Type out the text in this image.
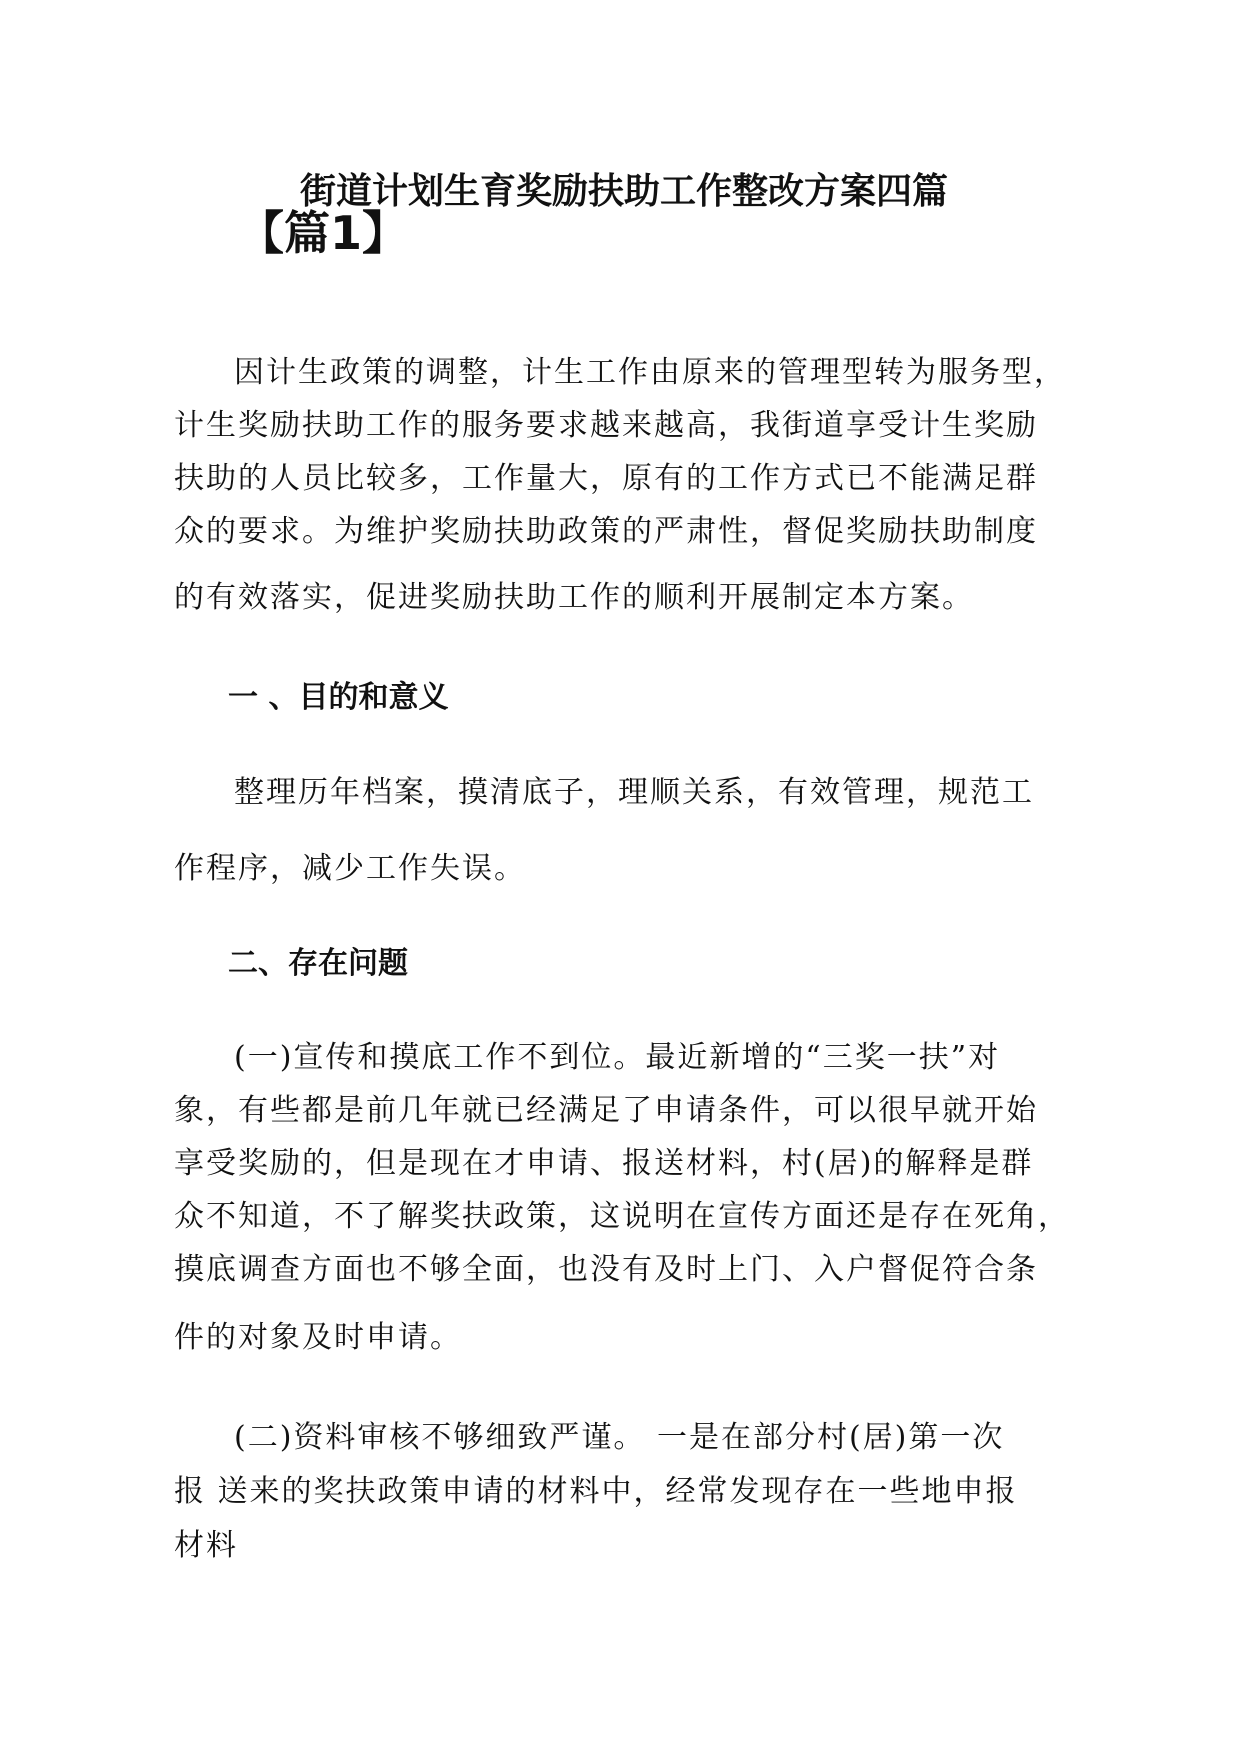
街道计划生育奖励扶助工作整改方案四篇
【篇1】
因计生政策的调整，计生工作由原来的管理型转为服务型，
计生奖励扶助工作的服务要求越来越高，我街道享受计生奖励
扶助的人员比较多，工作量大，原有的工作方式已不能满足群
众的要求。为维护奖励扶助政策的严肃性，督促奖励扶助制度
的有效落实，促进奖励扶助工作的顺利开展制定本方案。
一 、目的和意义
整理历年档案，摸清底子，理顺关系，有效管理，规范工
作程序，减少工作失误。
二、存在问题
(一)宣传和摸底工作不到位。最近新增的“三奖一扶”对
象，有些都是前几年就已经满足了申请条件，可以很早就开始
享受奖励的，但是现在才申请、报送材料，村(居)的解释是群
众不知道，不了解奖扶政策，这说明在宣传方面还是存在死角，
摸底调查方面也不够全面，也没有及时上门、入户督促符合条
件的对象及时申请。
(二)资料审核不够细致严谨。 一是在部分村(居)第一次
报 送来的奖扶政策申请的材料中，经常发现存在一些地申报
材料
